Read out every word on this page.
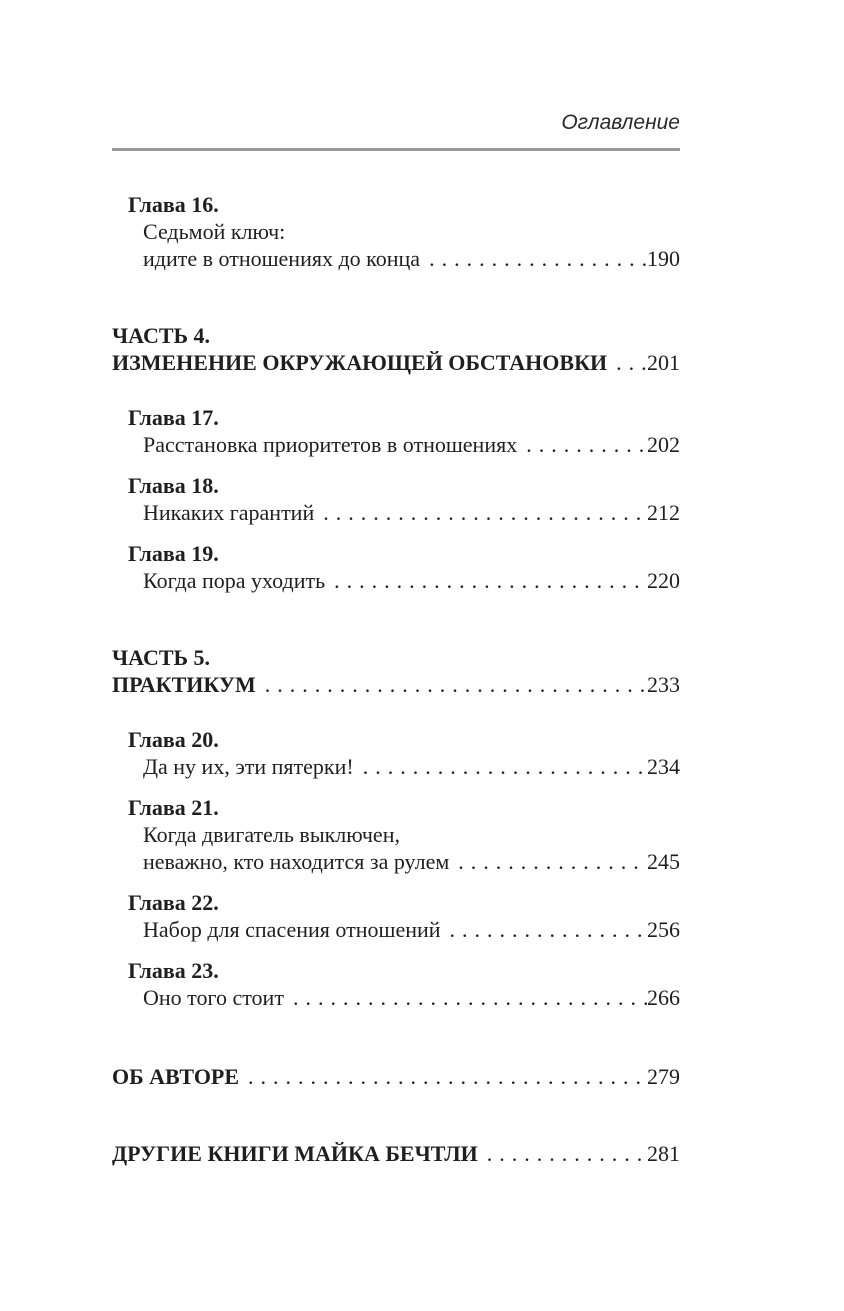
Оглавление
Глава 16.
Седьмой ключ:
идите в отношениях до конца .....	190
ЧАСТЬ 4.
ИЗМЕНЕНИЕ ОКРУЖАЮЩЕЙ ОБСТАНОВКИ ..... 201
Глава 17.
Расстановка приоритетов в отношениях .....	202
Глава 18.
Никаких гарантий .....	212
Глава 19.
Когда пора уходить .....	220
ЧАСТЬ 5.
ПРАКТИКУМ .....	233
Глава 20.
Да ну их, эти пятерки! .....	234
Глава 21.
Когда двигатель выключен,
неважно, кто находится за рулем .....	245
Глава 22.
Набор для спасения отношений .....	256
Глава 23.
Оно того стоит .....	266
ОБ АВТОРЕ .....	279
ДРУГИЕ КНИГИ МАЙКА БЕЧТЛИ .....	281
